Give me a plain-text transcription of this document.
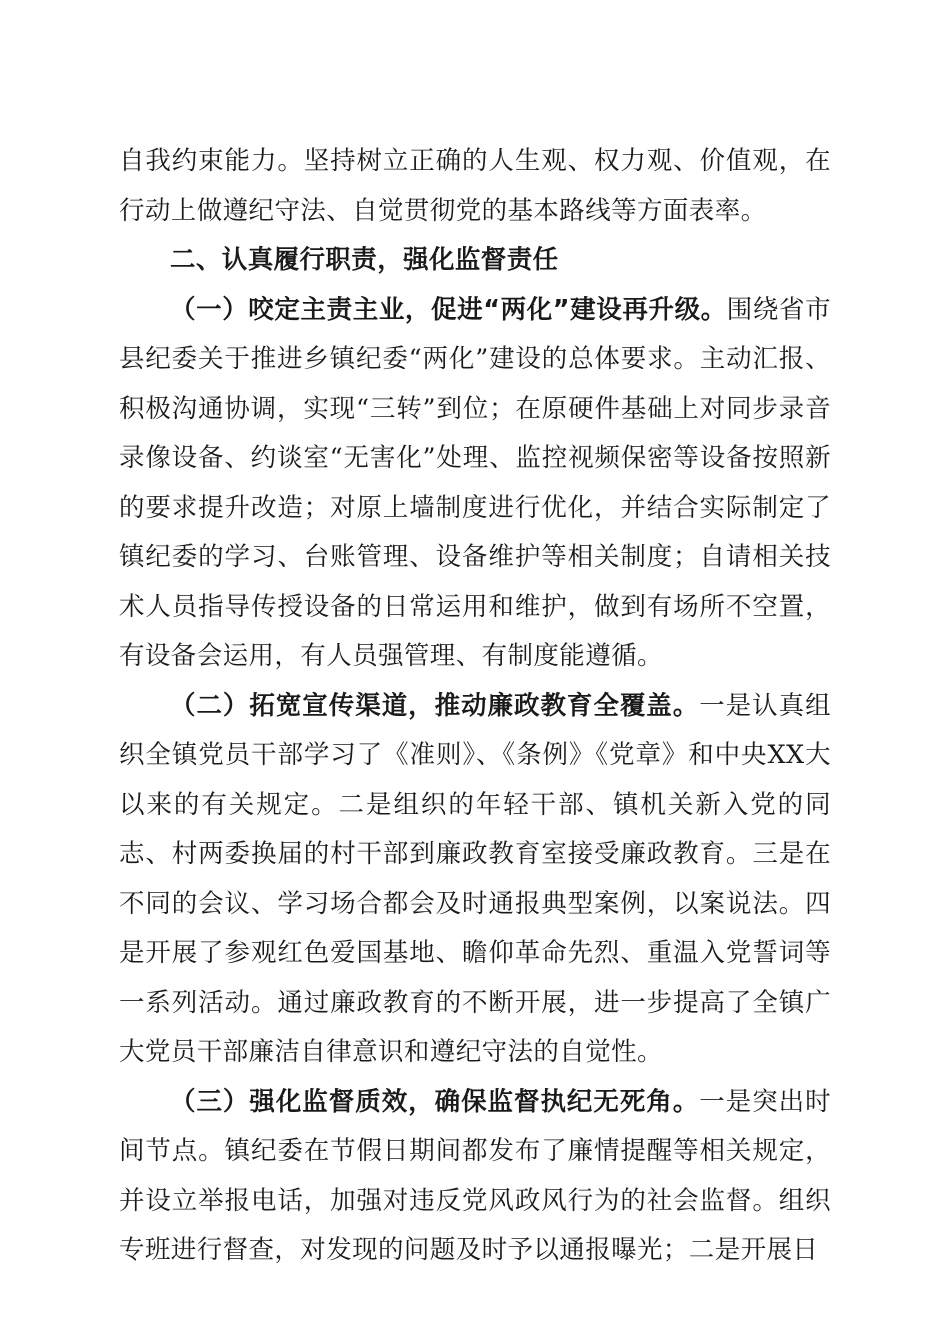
自我约束能力。坚持树立正确的人生观、权力观、价值观，在行动上做遵纪守法、自觉贯彻党的基本路线等方面表率。

二、认真履行职责，强化监督责任

（一）咬定主责主业，促进“两化”建设再升级。围绕省市县纪委关于推进乡镇纪委“两化”建设的总体要求。主动汇报、积极沟通协调，实现“三转”到位；在原硬件基础上对同步录音录像设备、约谈室“无害化”处理、监控视频保密等设备按照新的要求提升改造；对原上墙制度进行优化，并结合实际制定了镇纪委的学习、台账管理、设备维护等相关制度；自请相关技术人员指导传授设备的日常运用和维护，做到有场所不空置，有设备会运用，有人员强管理、有制度能遵循。

（二）拓宽宣传渠道，推动廉政教育全覆盖。一是认真组织全镇党员干部学习了《准则》、《条例》《党章》和中央XX大以来的有关规定。二是组织的年轻干部、镇机关新入党的同志、村两委换届的村干部到廉政教育室接受廉政教育。三是在不同的会议、学习场合都会及时通报典型案例，以案说法。四是开展了参观红色爱国基地、瞻仰革命先烈、重温入党誓词等一系列活动。通过廉政教育的不断开展，进一步提高了全镇广大党员干部廉洁自律意识和遵纪守法的自觉性。

（三）强化监督质效，确保监督执纪无死角。一是突出时间节点。镇纪委在节假日期间都发布了廉情提醒等相关规定，并设立举报电话，加强对违反党风政风行为的社会监督。组织专班进行督查，对发现的问题及时予以通报曝光；二是开展日
